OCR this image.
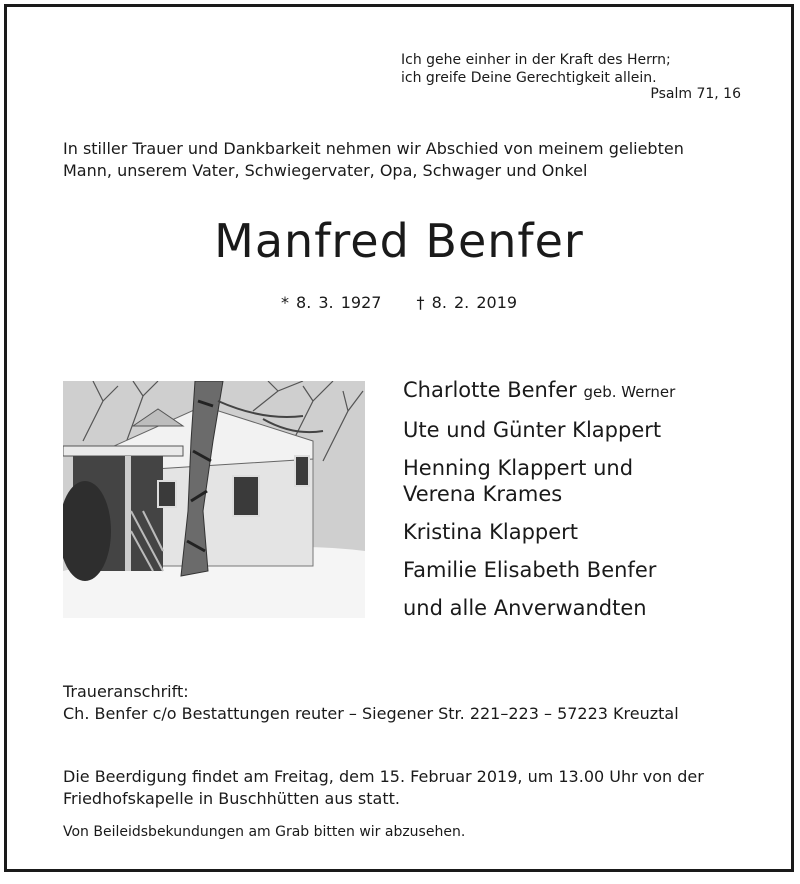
Ich gehe einher in der Kraft des Herrn;
ich greife Deine Gerechtigkeit allein.
Psalm 71, 16
In stiller Trauer und Dankbarkeit nehmen wir Abschied von meinem geliebten
Mann, unserem Vater, Schwiegervater, Opa, Schwager und Onkel
Manfred Benfer
* 8. 3. 1927 † 8. 2. 2019
Charlotte Benfer geb. Werner
Ute und Günter Klappert
Henning Klappert und
Verena Krames
Kristina Klappert
Familie Elisabeth Benfer
und alle Anverwandten
Traueranschrift:
Ch. Benfer c/o Bestattungen reuter – Siegener Str. 221–223 – 57223 Kreuztal
Die Beerdigung findet am Freitag, dem 15. Februar 2019, um 13.00 Uhr von der
Friedhofskapelle in Buschhütten aus statt.
Von Beileidsbekundungen am Grab bitten wir abzusehen.
